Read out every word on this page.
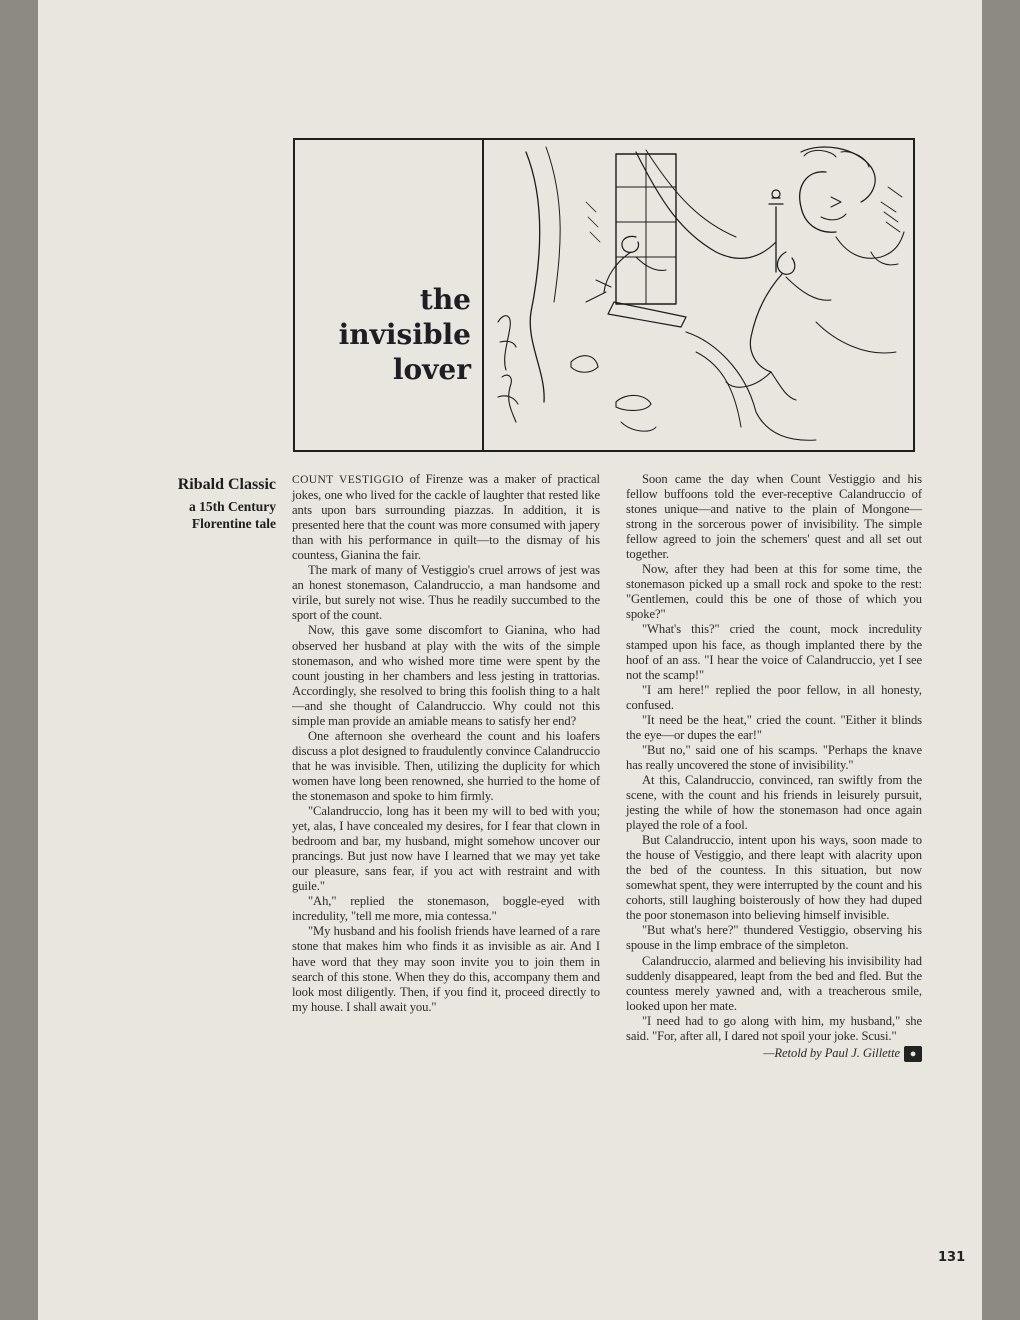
the
invisible
lover
Ribald Classic
a 15th Century
Florentine tale

COUNT VESTIGGIO of Firenze was a maker of practical jokes, one who lived for the cackle of laughter that rested like ants upon bars surrounding piazzas. In addition, it is presented here that the count was more consumed with japery than with his performance in quilt—to the dismay of his countess, Gianina the fair.

The mark of many of Vestiggio's cruel arrows of jest was an honest stonemason, Calandruccio, a man handsome and virile, but surely not wise. Thus he readily succumbed to the sport of the count.

Now, this gave some discomfort to Gianina, who had observed her husband at play with the wits of the simple stonemason, and who wished more time were spent by the count jousting in her chambers and less jesting in trattorias. Accordingly, she resolved to bring this foolish thing to a halt—and she thought of Calandruccio. Why could not this simple man provide an amiable means to satisfy her end?

One afternoon she overheard the count and his loafers discuss a plot designed to fraudulently convince Calandruccio that he was invisible. Then, utilizing the duplicity for which women have long been renowned, she hurried to the home of the stonemason and spoke to him firmly.

"Calandruccio, long has it been my will to bed with you; yet, alas, I have concealed my desires, for I fear that clown in bedroom and bar, my husband, might somehow uncover our prancings. But just now have I learned that we may yet take our pleasure, sans fear, if you act with restraint and with guile."

"Ah," replied the stonemason, boggle-eyed with incredulity, "tell me more, mia contessa."

"My husband and his foolish friends have learned of a rare stone that makes him who finds it as invisible as air. And I have word that they may soon invite you to join them in search of this stone. When they do this, accompany them and look most diligently. Then, if you find it, proceed directly to my house. I shall await you."

Soon came the day when Count Vestiggio and his fellow buffoons told the ever-receptive Calandruccio of stones unique—and native to the plain of Mongone—strong in the sorcerous power of invisibility. The simple fellow agreed to join the schemers' quest and all set out together.

Now, after they had been at this for some time, the stonemason picked up a small rock and spoke to the rest: "Gentlemen, could this be one of those of which you spoke?"

"What's this?" cried the count, mock incredulity stamped upon his face, as though implanted there by the hoof of an ass. "I hear the voice of Calandruccio, yet I see not the scamp!"

"I am here!" replied the poor fellow, in all honesty, confused.

"It need be the heat," cried the count. "Either it blinds the eye—or dupes the ear!"

"But no," said one of his scamps. "Perhaps the knave has really uncovered the stone of invisibility."

At this, Calandruccio, convinced, ran swiftly from the scene, with the count and his friends in leisurely pursuit, jesting the while of how the stonemason had once again played the role of a fool.

But Calandruccio, intent upon his ways, soon made to the house of Vestiggio, and there leapt with alacrity upon the bed of the countess. In this situation, but now somewhat spent, they were interrupted by the count and his cohorts, still laughing boisterously of how they had duped the poor stonemason into believing himself invisible.

"But what's here?" thundered Vestiggio, observing his spouse in the limp embrace of the simpleton.

Calandruccio, alarmed and believing his invisibility had suddenly disappeared, leapt from the bed and fled. But the countess merely yawned and, with a treacherous smile, looked upon her mate.

"I need had to go along with him, my husband," she said. "For, after all, I dared not spoil your joke. Scusi."

—Retold by Paul J. Gillette ●
131
